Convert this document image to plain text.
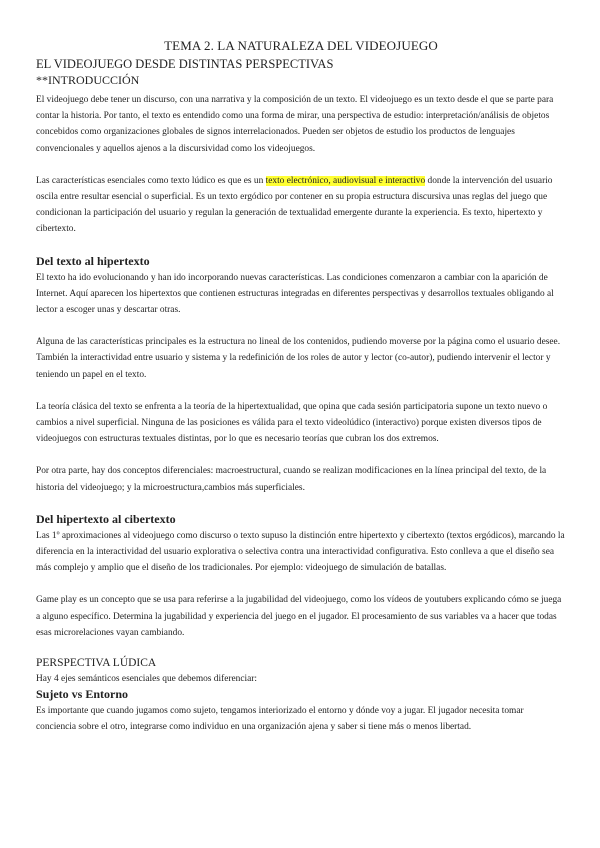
TEMA 2. LA NATURALEZA DEL VIDEOJUEGO
EL VIDEOJUEGO DESDE DISTINTAS PERSPECTIVAS
**INTRODUCCIÓN

El videojuego debe tener un discurso, con una narrativa y la composición de un texto. El videojuego es un texto desde el que se parte para contar la historia. Por tanto, el texto es entendido como una forma de mirar, una perspectiva de estudio: interpretación/análisis de objetos concebidos como organizaciones globales de signos interrelacionados. Pueden ser objetos de estudio los productos de lenguajes convencionales y aquellos ajenos a la discursividad como los videojuegos.

Las características esenciales como texto lúdico es que es un texto electrónico, audiovisual e interactivo donde la intervención del usuario oscila entre resultar esencial o superficial. Es un texto ergódico por contener en su propia estructura discursiva unas reglas del juego que condicionan la participación del usuario y regulan la generación de textualidad emergente durante la experiencia. Es texto, hipertexto y cibertexto.

Del texto al hipertexto

El texto ha ido evolucionando y han ido incorporando nuevas características. Las condiciones comenzaron a cambiar con la aparición de Internet. Aquí aparecen los hipertextos que contienen estructuras integradas en diferentes perspectivas y desarrollos textuales obligando al lector a escoger unas y descartar otras.

Alguna de las características principales es la estructura no lineal de los contenidos, pudiendo moverse por la página como el usuario desee. También la interactividad entre usuario y sistema y la redefinición de los roles de autor y lector (co-autor), pudiendo intervenir el lector y teniendo un papel en el texto.

La teoría clásica del texto se enfrenta a la teoría de la hipertextualidad, que opina que cada sesión participatoria supone un texto nuevo o cambios a nivel superficial. Ninguna de las posiciones es válida para el texto videolúdico (interactivo) porque existen diversos tipos de videojuegos con estructuras textuales distintas, por lo que es necesario teorías que cubran los dos extremos.

Por otra parte, hay dos conceptos diferenciales: macroestructural, cuando se realizan modificaciones en la línea principal del texto, de la historia del videojuego; y la microestructura,cambios más superficiales.

Del hipertexto al cibertexto

Las 1º aproximaciones al videojuego como discurso o texto supuso la distinción entre hipertexto y cibertexto (textos ergódicos), marcando la diferencia en la interactividad del usuario explorativa o selectiva contra una interactividad configurativa. Esto conlleva a que el diseño sea más complejo y amplio que el diseño de los tradicionales. Por ejemplo: videojuego de simulación de batallas.

Game play es un concepto que se usa para referirse a la jugabilidad del videojuego, como los vídeos de youtubers explicando cómo se juega a alguno específico. Determina la jugabilidad y experiencia del juego en el jugador. El procesamiento de sus variables va a hacer que todas esas microrelaciones vayan cambiando.

PERSPECTIVA LÚDICA

Hay 4 ejes semánticos esenciales que debemos diferenciar:

Sujeto vs Entorno

Es importante que cuando jugamos como sujeto, tengamos interiorizado el entorno y dónde voy a jugar. El jugador necesita tomar conciencia sobre el otro, integrarse como individuo en una organización ajena y saber si tiene más o menos libertad.
